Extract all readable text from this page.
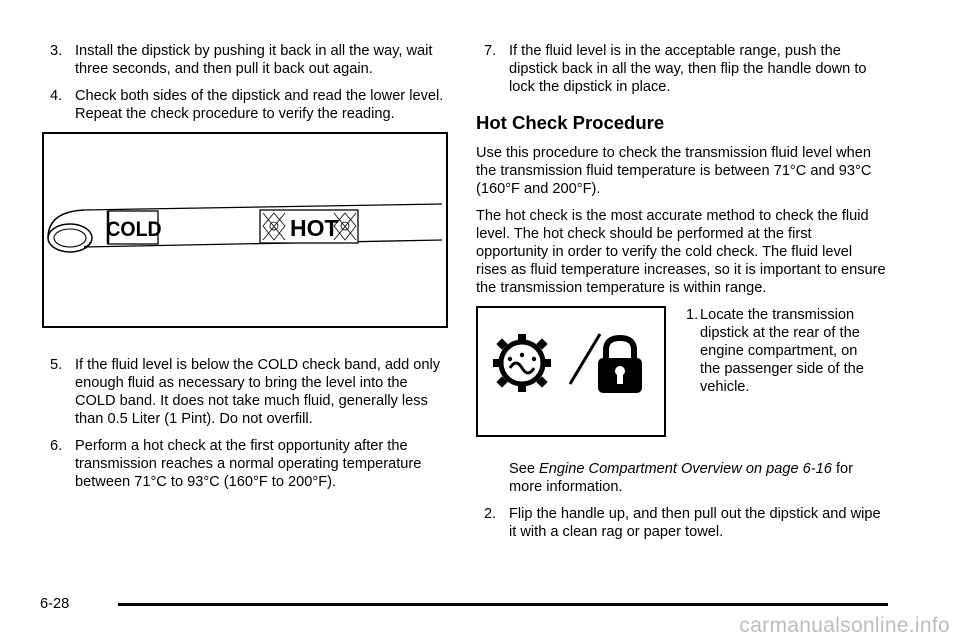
3. Install the dipstick by pushing it back in all the way, wait three seconds, and then pull it back out again.
4. Check both sides of the dipstick and read the lower level. Repeat the check procedure to verify the reading.
COLD	HOT
5. If the fluid level is below the COLD check band, add only enough fluid as necessary to bring the level into the COLD band. It does not take much fluid, generally less than 0.5 Liter (1 Pint). Do not overfill.
6. Perform a hot check at the first opportunity after the transmission reaches a normal operating temperature between 71°C to 93°C (160°F to 200°F).
7. If the fluid level is in the acceptable range, push the dipstick back in all the way, then flip the handle down to lock the dipstick in place.
Hot Check Procedure

Use this procedure to check the transmission fluid level when the transmission fluid temperature is between 71°C and 93°C (160°F and 200°F).

The hot check is the most accurate method to check the fluid level. The hot check should be performed at the first opportunity in order to verify the cold check. The fluid level rises as fluid temperature increases, so it is important to ensure the transmission temperature is within range.

1. Locate the transmission dipstick at the rear of the engine compartment, on the passenger side of the vehicle.
See Engine Compartment Overview on page 6-16 for more information.
2. Flip the handle up, and then pull out the dipstick and wipe it with a clean rag or paper towel.
6-28
carmanualsonline.info
